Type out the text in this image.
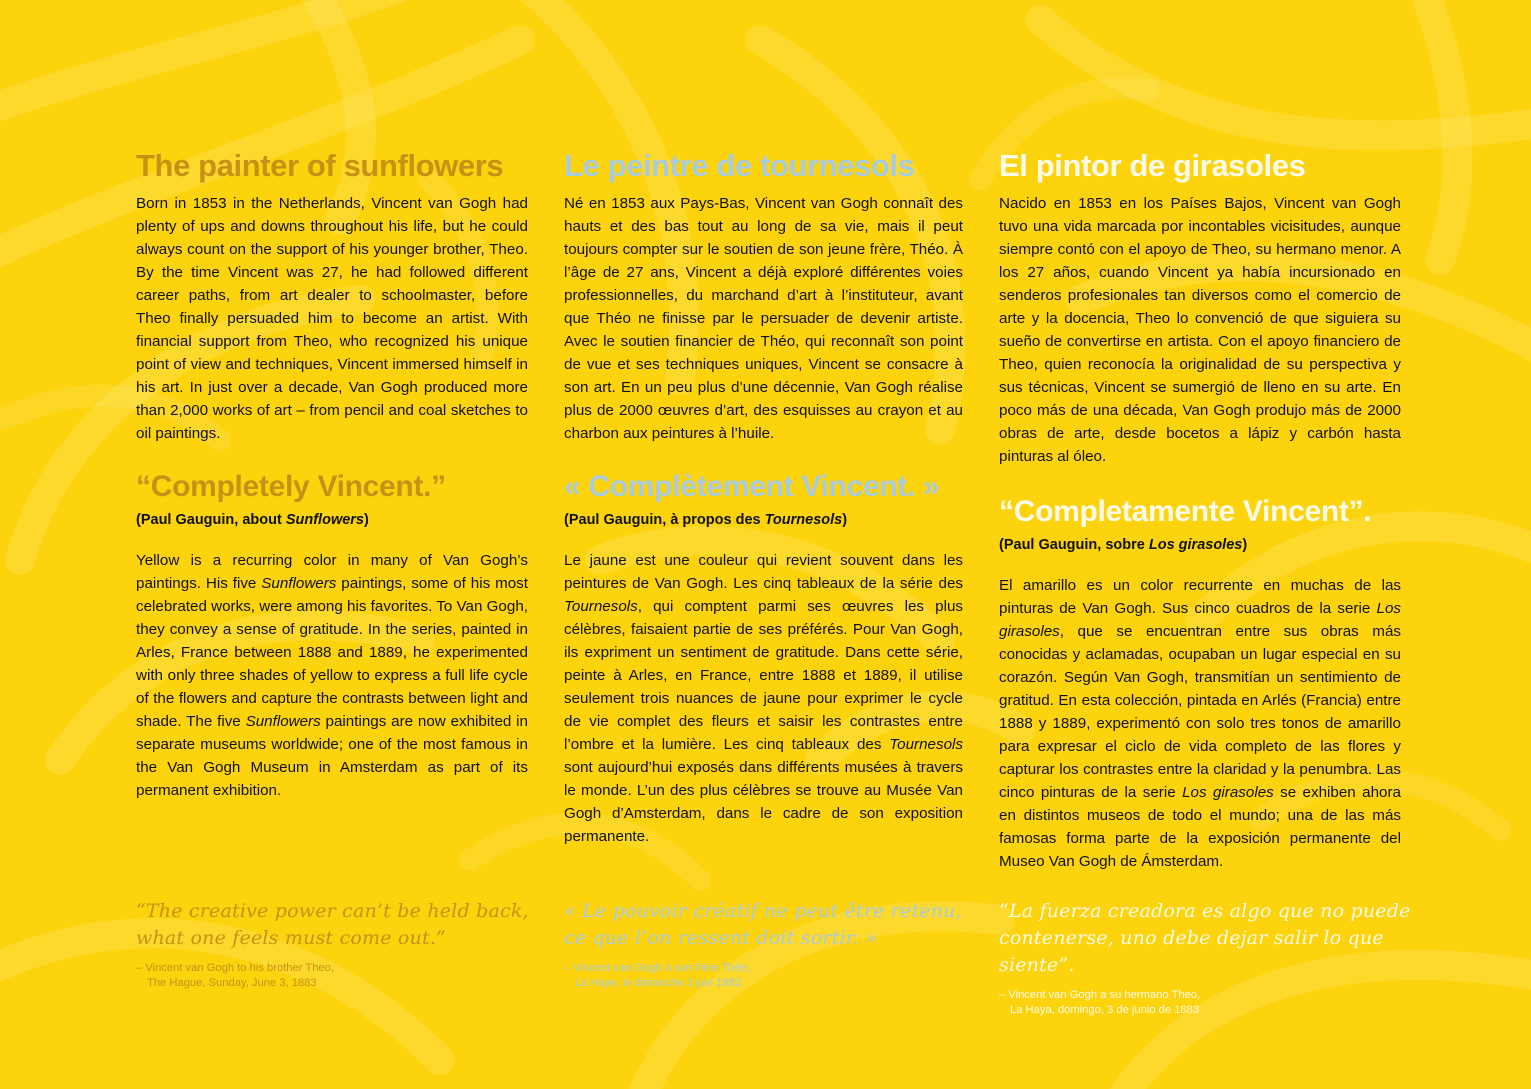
The painter of sunflowers

Born in 1853 in the Netherlands, Vincent van Gogh had plenty of ups and downs throughout his life, but he could always count on the support of his younger brother, Theo. By the time Vincent was 27, he had followed different career paths, from art dealer to schoolmaster, before Theo finally persuaded him to become an artist. With financial support from Theo, who recognized his unique point of view and techniques, Vincent immersed himself in his art. In just over a decade, Van Gogh produced more than 2,000 works of art – from pencil and coal sketches to oil paintings.

“Completely Vincent.”

(Paul Gauguin, about Sunflowers)

Yellow is a recurring color in many of Van Gogh’s paintings. His five Sunflowers paintings, some of his most celebrated works, were among his favorites. To Van Gogh, they convey a sense of gratitude. In the series, painted in Arles, France between 1888 and 1889, he experimented with only three shades of yellow to express a full life cycle of the flowers and capture the contrasts between light and shade. The five Sunflowers paintings are now exhibited in separate museums worldwide; one of the most famous in the Van Gogh Museum in Amsterdam as part of its permanent exhibition.

Le peintre de tournesols

Né en 1853 aux Pays-Bas, Vincent van Gogh connaît des hauts et des bas tout au long de sa vie, mais il peut toujours compter sur le soutien de son jeune frère, Théo. À l’âge de 27 ans, Vincent a déjà exploré différentes voies professionnelles, du marchand d’art à l’instituteur, avant que Théo ne finisse par le persuader de devenir artiste. Avec le soutien financier de Théo, qui reconnaît son point de vue et ses techniques uniques, Vincent se consacre à son art. En un peu plus d’une décennie, Van Gogh réalise plus de 2000 œuvres d’art, des esquisses au crayon et au charbon aux peintures à l’huile.

« Complètement Vincent. »

(Paul Gauguin, à propos des Tournesols)

Le jaune est une couleur qui revient souvent dans les peintures de Van Gogh. Les cinq tableaux de la série des Tournesols, qui comptent parmi ses œuvres les plus célèbres, faisaient partie de ses préférés. Pour Van Gogh, ils expriment un sentiment de gratitude. Dans cette série, peinte à Arles, en France, entre 1888 et 1889, il utilise seulement trois nuances de jaune pour exprimer le cycle de vie complet des fleurs et saisir les contrastes entre l’ombre et la lumière. Les cinq tableaux des Tournesols sont aujourd’hui exposés dans différents musées à travers le monde. L’un des plus célèbres se trouve au Musée Van Gogh d’Amsterdam, dans le cadre de son exposition permanente.

El pintor de girasoles

Nacido en 1853 en los Países Bajos, Vincent van Gogh tuvo una vida marcada por incontables vicisitudes, aunque siempre contó con el apoyo de Theo, su hermano menor. A los 27 años, cuando Vincent ya había incursionado en senderos profesionales tan diversos como el comercio de arte y la docencia, Theo lo convenció de que siguiera su sueño de convertirse en artista. Con el apoyo financiero de Theo, quien reconocía la originalidad de su perspectiva y sus técnicas, Vincent se sumergió de lleno en su arte. En poco más de una década, Van Gogh produjo más de 2000 obras de arte, desde bocetos a lápiz y carbón hasta pinturas al óleo.

“Completamente Vincent”.

(Paul Gauguin, sobre Los girasoles)

El amarillo es un color recurrente en muchas de las pinturas de Van Gogh. Sus cinco cuadros de la serie Los girasoles, que se encuentran entre sus obras más conocidas y aclamadas, ocupaban un lugar especial en su corazón. Según Van Gogh, transmitían un sentimiento de gratitud. En esta colección, pintada en Arlés (Francia) entre 1888 y 1889, experimentó con solo tres tonos de amarillo para expresar el ciclo de vida completo de las flores y capturar los contrastes entre la claridad y la penumbra. Las cinco pinturas de la serie Los girasoles se exhiben ahora en distintos museos de todo el mundo; una de las más famosas forma parte de la exposición permanente del Museo Van Gogh de Ámsterdam.

“The creative power can’t be held back,

what one feels must come out.”

– Vincent van Gogh to his brother Theo,
The Hague, Sunday, June 3, 1883

« Le pouvoir créatif ne peut être retenu,

ce que l’on ressent doit sortir. »

– Vincent van Gogh à son frère Théo,
La Haye, le dimanche 3 juin 1883

“La fuerza creadora es algo que no puede

contenerse, uno debe dejar salir lo que siente”.

– Vincent van Gogh a su hermano Theo,
La Haya, domingo, 3 de junio de 1883
